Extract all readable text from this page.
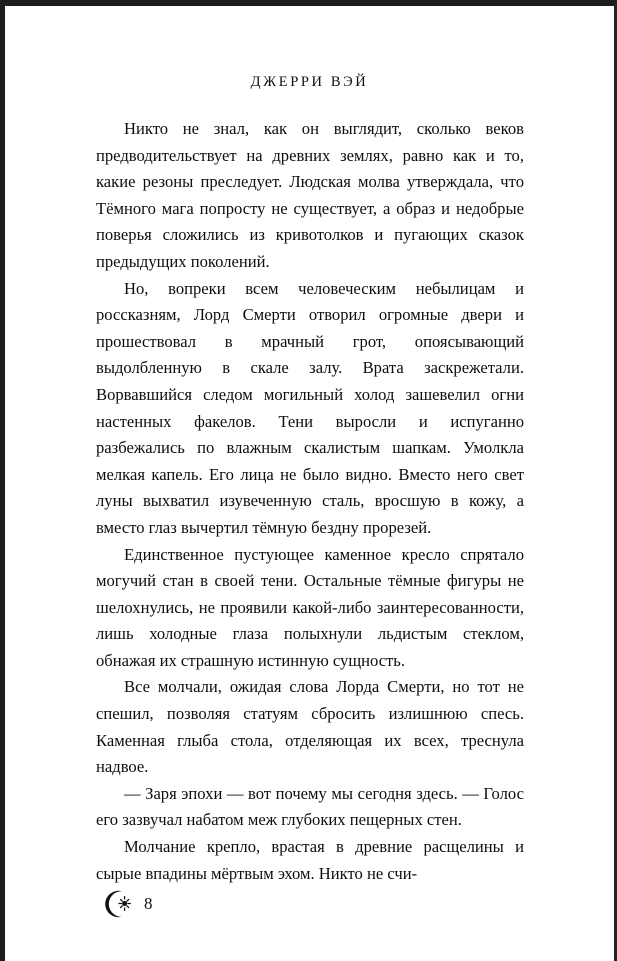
ДЖЕРРИ ВЭЙ

Никто не знал, как он выглядит, сколько веков предводительствует на древних землях, равно как и то, какие резоны преследует. Людская молва утверждала, что Тёмного мага попросту не существует, а образ и недобрые поверья сложились из кривотолков и пугающих сказок предыдущих поколений.

Но, вопреки всем человеческим небылицам и россказням, Лорд Смерти отворил огромные двери и прошествовал в мрачный грот, опоясывающий выдолбленную в скале залу. Врата заскрежетали. Ворвавшийся следом могильный холод зашевелил огни настенных факелов. Тени выросли и испуганно разбежались по влажным скалистым шапкам. Умолкла мелкая капель. Его лица не было видно. Вместо него свет луны выхватил изувеченную сталь, вросшую в кожу, а вместо глаз вычертил тёмную бездну прорезей.

Единственное пустующее каменное кресло спрятало могучий стан в своей тени. Остальные тёмные фигуры не шелохнулись, не проявили какой-либо заинтересованности, лишь холодные глаза полыхнули льдистым стеклом, обнажая их страшную истинную сущность.

Все молчали, ожидая слова Лорда Смерти, но тот не спешил, позволяя статуям сбросить излишнюю спесь. Каменная глыба стола, отделяющая их всех, треснула надвое.

— Заря эпохи — вот почему мы сегодня здесь. — Голос его зазвучал набатом меж глубоких пещерных стен.

Молчание крепло, врастая в древние расщелины и сырые впадины мёртвым эхом. Никто не счи-

8
